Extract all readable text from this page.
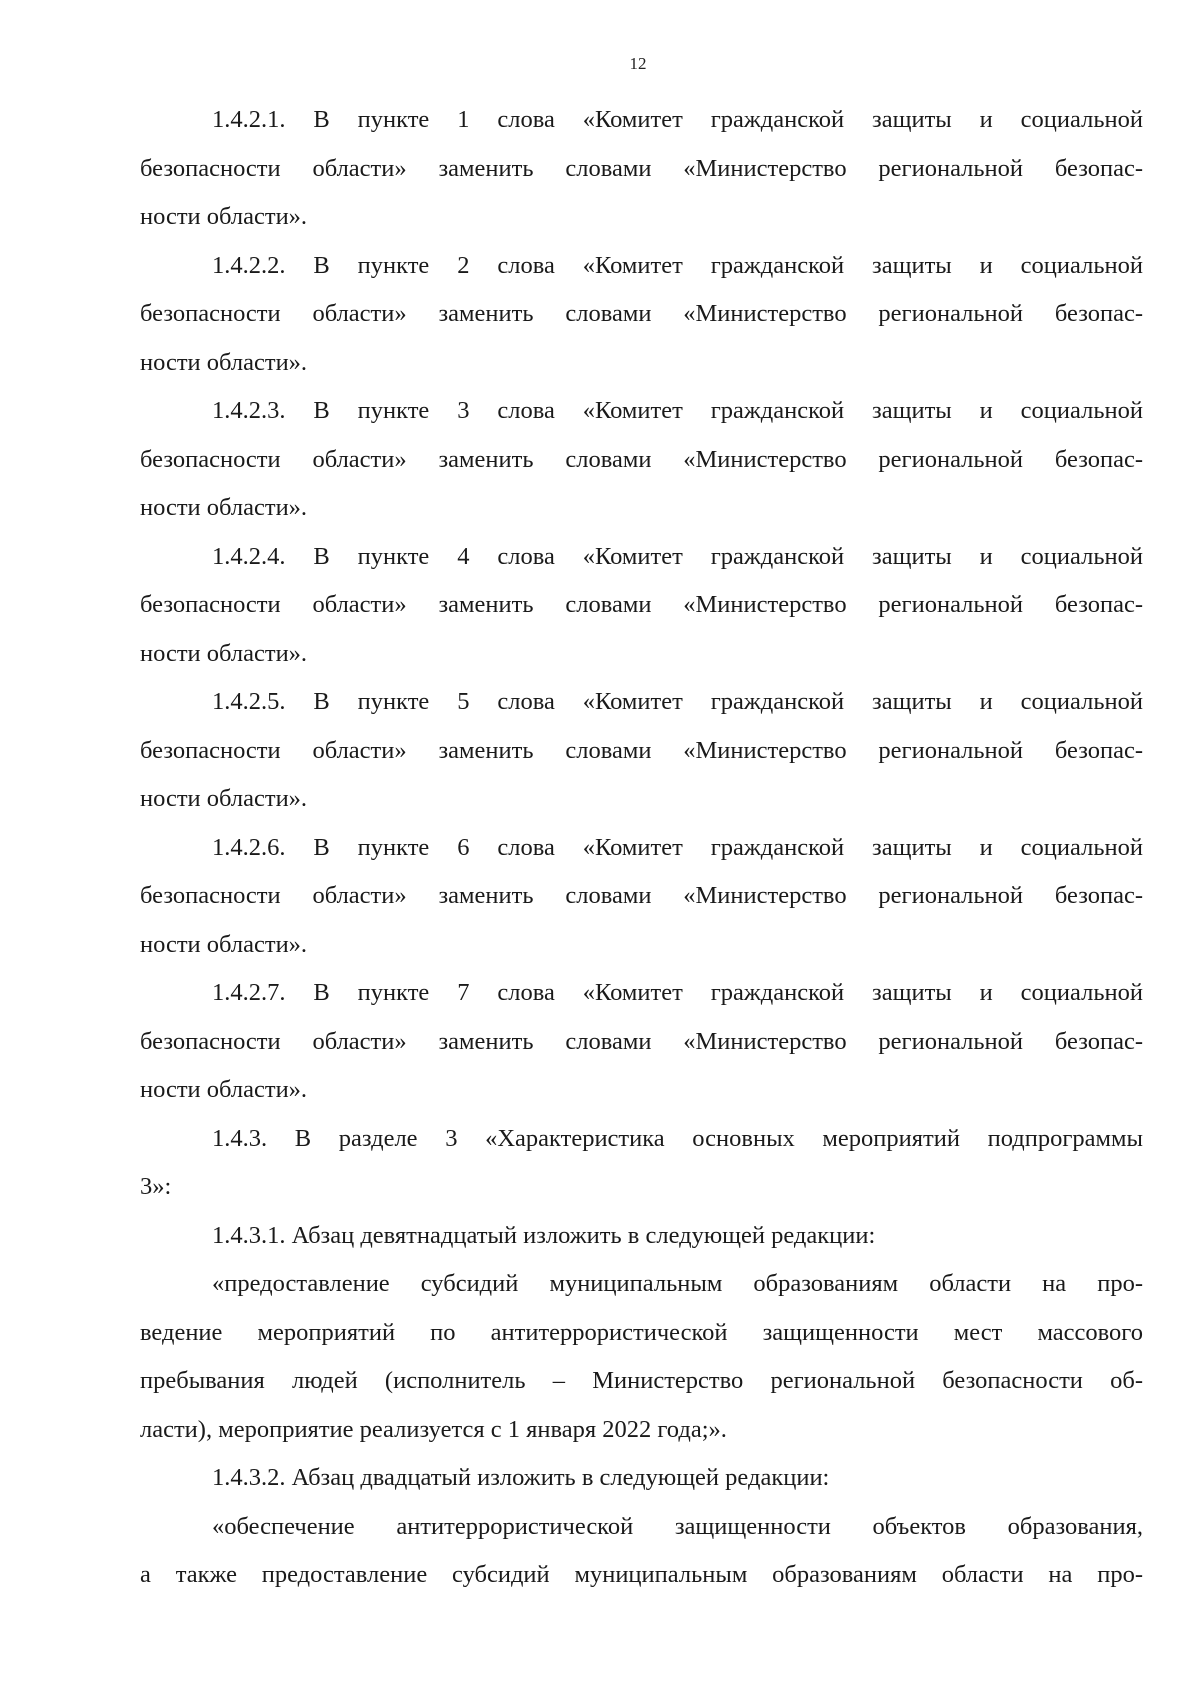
12
1.4.2.1. В пункте 1 слова «Комитет гражданской защиты и социальной
безопасности области» заменить словами «Министерство региональной безопас-
ности области».
1.4.2.2. В пункте 2 слова «Комитет гражданской защиты и социальной
безопасности области» заменить словами «Министерство региональной безопас-
ности области».
1.4.2.3. В пункте 3 слова «Комитет гражданской защиты и социальной
безопасности области» заменить словами «Министерство региональной безопас-
ности области».
1.4.2.4. В пункте 4 слова «Комитет гражданской защиты и социальной
безопасности области» заменить словами «Министерство региональной безопас-
ности области».
1.4.2.5. В пункте 5 слова «Комитет гражданской защиты и социальной
безопасности области» заменить словами «Министерство региональной безопас-
ности области».
1.4.2.6. В пункте 6 слова «Комитет гражданской защиты и социальной
безопасности области» заменить словами «Министерство региональной безопас-
ности области».
1.4.2.7. В пункте 7 слова «Комитет гражданской защиты и социальной
безопасности области» заменить словами «Министерство региональной безопас-
ности области».
1.4.3. В разделе 3 «Характеристика основных мероприятий подпрограммы
3»:
1.4.3.1. Абзац девятнадцатый изложить в следующей редакции:
«предоставление субсидий муниципальным образованиям области на про-
ведение мероприятий по антитеррористической защищенности мест массового
пребывания людей (исполнитель – Министерство региональной безопасности об-
ласти), мероприятие реализуется с 1 января 2022 года;».
1.4.3.2. Абзац двадцатый изложить в следующей редакции:
«обеспечение антитеррористической защищенности объектов образования,
а также предоставление субсидий муниципальным образованиям области на про-
